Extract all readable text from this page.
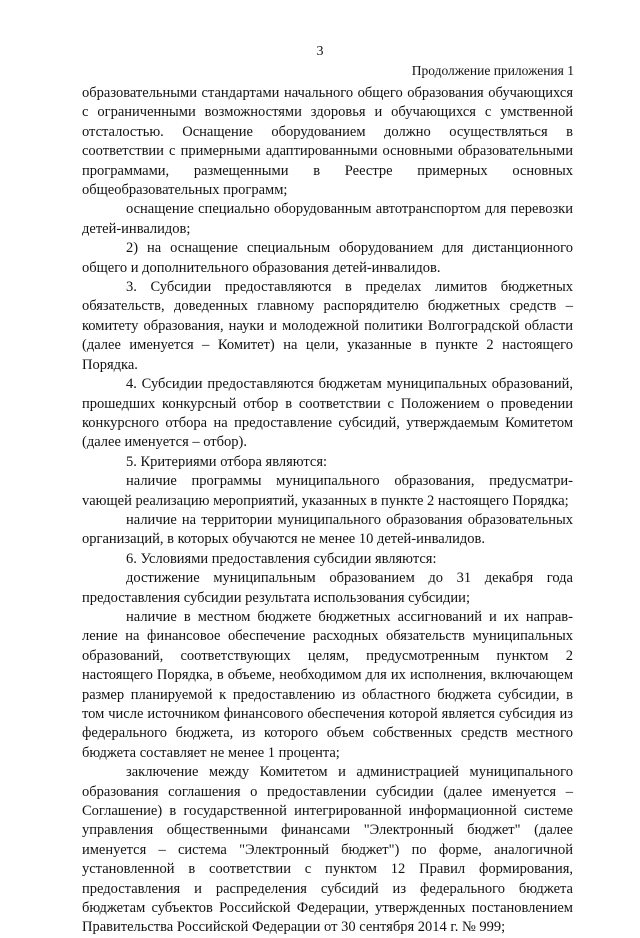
3
Продолжение приложения 1

образовательными стандартами начального общего образования обучающихся с ограниченными возможностями здоровья и обучающихся с умственной отсталостью. Оснащение оборудованием должно осуществляться в соответствии с примерными адаптированными основными образовательными программами, размещенными в Реестре примерных основных общеобразовательных программ;

оснащение специально оборудованным автотранспортом для перевозки детей-инвалидов;

2) на оснащение специальным оборудованием для дистанционного общего и дополнительного образования детей-инвалидов.

3. Субсидии предоставляются в пределах лимитов бюджетных обязательств, доведенных главному распорядителю бюджетных средств – комитету образования, науки и молодежной политики Волгоградской области (далее именуется – Комитет) на цели, указанные в пункте 2 настоящего Порядка.

4. Субсидии предоставляются бюджетам муниципальных образований, прошедших конкурсный отбор в соответствии с Положением о проведении конкурсного отбора на предоставление субсидий, утверждаемым Комитетом (далее именуется – отбор).

5. Критериями отбора являются:

наличие программы муниципального образования, предусматриvающей реализацию мероприятий, указанных в пункте 2 настоящего Порядка;

наличие на территории муниципального образования образовательных организаций, в которых обучаются не менее 10 детей-инвалидов.

6. Условиями предоставления субсидии являются:

достижение муниципальным образованием до 31 декабря года предоставления субсидии результата использования субсидии;

наличие в местном бюджете бюджетных ассигнований и их направление на финансовое обеспечение расходных обязательств муниципальных образований, соответствующих целям, предусмотренным пунктом 2 настоящего Порядка, в объеме, необходимом для их исполнения, включающем размер планируемой к предоставлению из областного бюджета субсидии, в том числе источником финансового обеспечения которой является субсидия из федерального бюджета, из которого объем собственных средств местного бюджета составляет не менее 1 процента;

заключение между Комитетом и администрацией муниципального образования соглашения о предоставлении субсидии (далее именуется – Соглашение) в государственной интегрированной информационной системе управления общественными финансами "Электронный бюджет" (далее именуется – система "Электронный бюджет") по форме, аналогичной установленной в соответствии с пунктом 12 Правил формирования, предоставления и распределения субсидий из федерального бюджета бюджетам субъектов Российской Федерации, утвержденных постановлением Правительства Российской Федерации от 30 сентября 2014 г. № 999;
